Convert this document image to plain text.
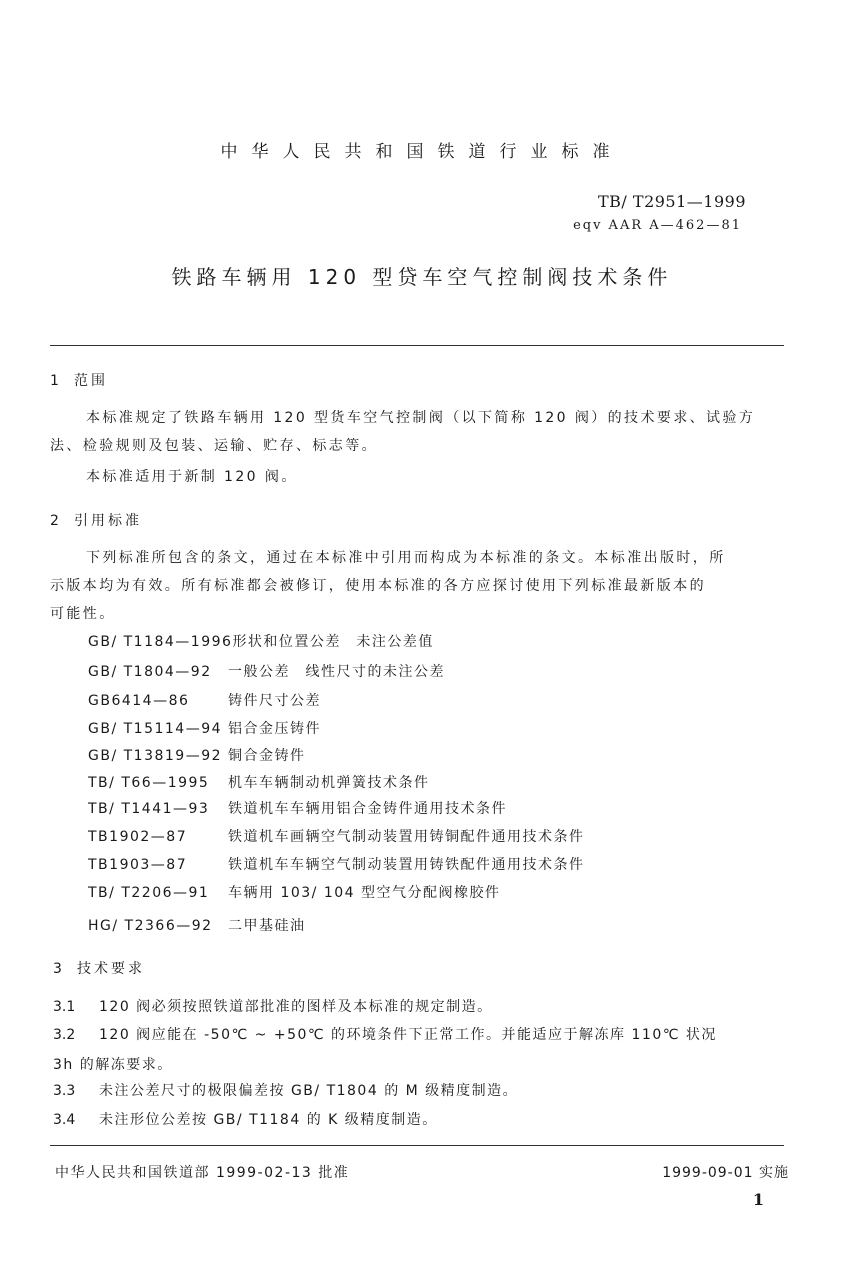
中华人民共和国铁道行业标准
TB/ T2951—1999
eqv AAR A—462—81
铁路车辆用 120 型贷车空气控制阀技术条件
1 范围
本标准规定了铁路车辆用 120 型货车空气控制阀（以下简称 120 阀）的技术要求、试验方
法、检验规则及包装、运输、贮存、标志等。
本标准适用于新制 120 阀。
2 引用标准
下列标准所包含的条文，通过在本标准中引用而构成为本标准的条文。本标准出版时，所
示版本均为有效。所有标准都会被修订，使用本标准的各方应探讨使用下列标准最新版本的
可能性。
GB/ T1184—1996形状和位置公差　未注公差值
GB/ T1804—92 一般公差　线性尺寸的未注公差
GB6414—86	铸件尺寸公差
GB/ T15114—94 铝合金压铸件
GB/ T13819—92 铜合金铸件
TB/ T66—1995 机车车辆制动机弹簧技术条件
TB/ T1441—93 铁道机车车辆用铝合金铸件通用技术条件
TB1902—87	铁道机车画辆空气制动装置用铸铜配件通用技术条件
TB1903—87	铁道机车车辆空气制动装置用铸铁配件通用技术条件
TB/ T2206—91 车辆用 103/ 104 型空气分配阀橡胶件
HG/ T2366—92 二甲基硅油
3 技术要求
3.1 120 阀必须按照铁道部批准的图样及本标准的规定制造。
3.2 120 阀应能在 -50℃ ~ +50℃ 的环境条件下正常工作。并能适应于解冻库 110℃ 状况
3h 的解冻要求。
3.3 未注公差尺寸的极限偏差按 GB/ T1804 的 M 级精度制造。
3.4 未注形位公差按 GB/ T1184 的 K 级精度制造。
中华人民共和国铁道部 1999-02-13 批准	1999-09-01 实施
1
